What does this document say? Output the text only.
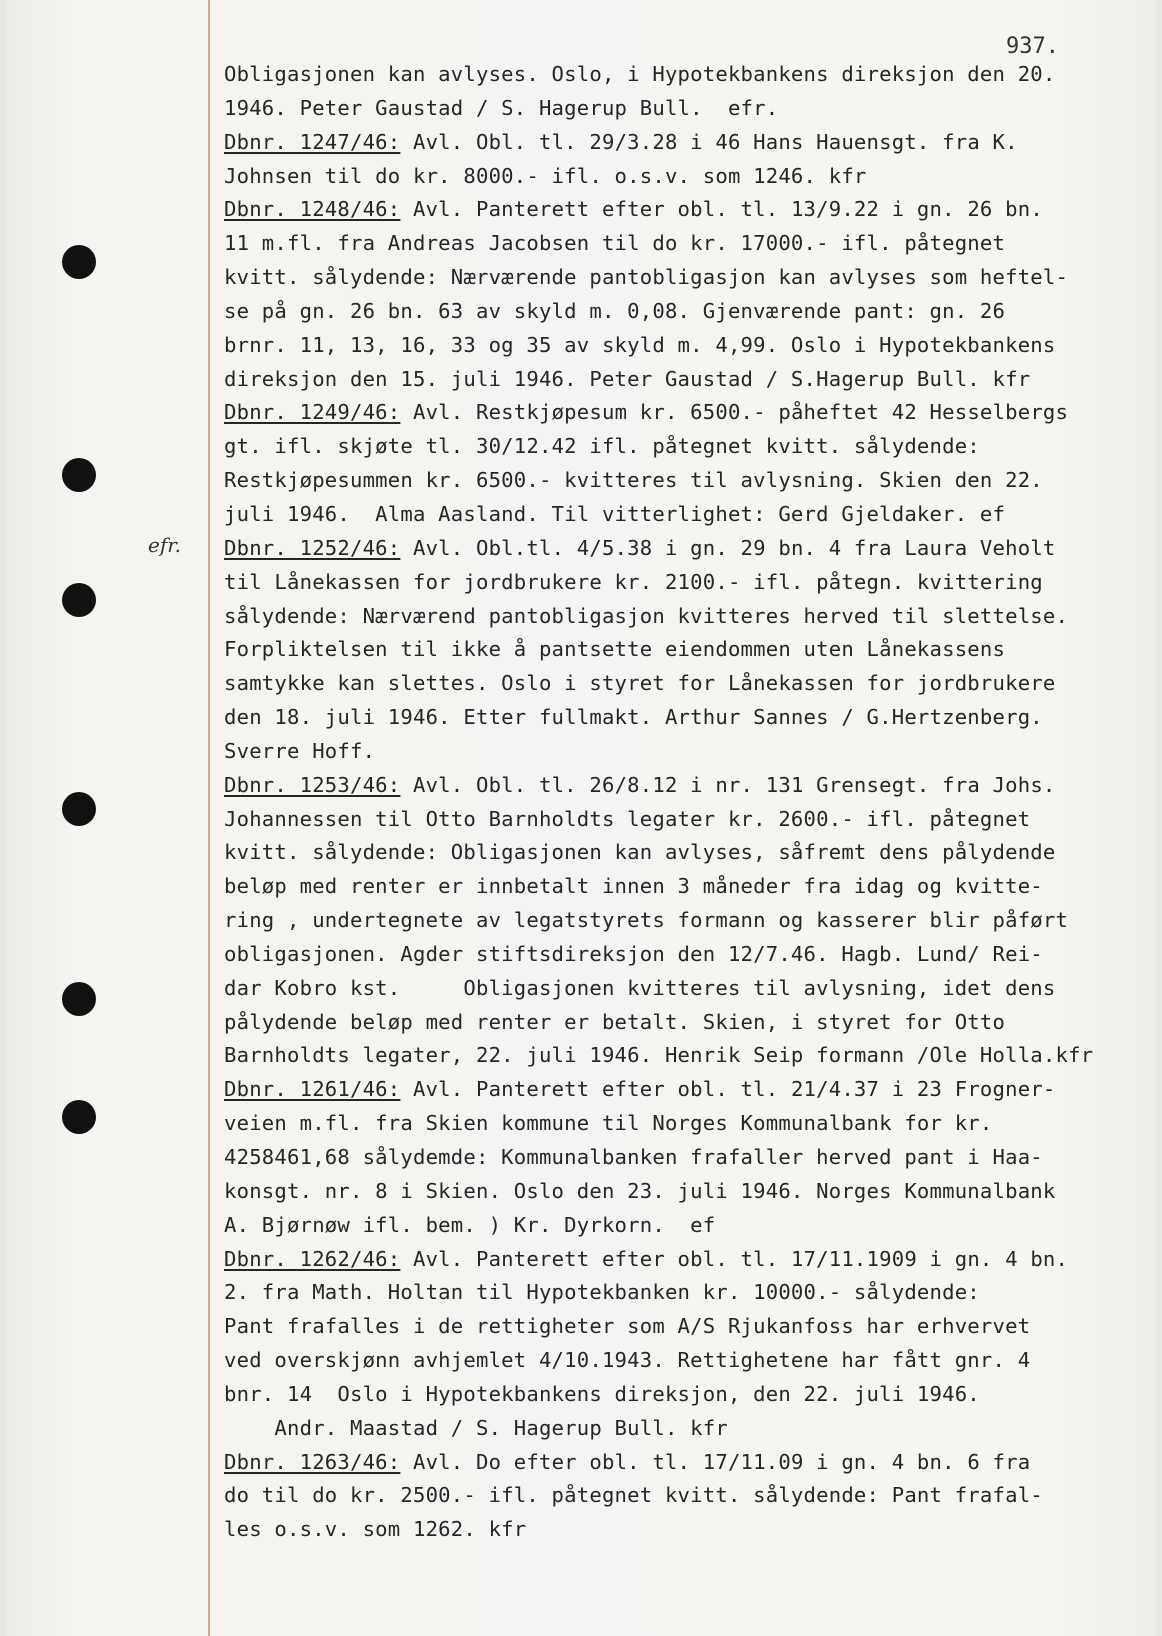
937.
efr.
Obligasjonen kan avlyses. Oslo, i Hypotekbankens direksjon den 20.
1946. Peter Gaustad / S. Hagerup Bull.  efr.
Dbnr. 1247/46: Avl. Obl. tl. 29/3.28 i 46 Hans Hauensgt. fra K.
Johnsen til do kr. 8000.- ifl. o.s.v. som 1246. kfr
Dbnr. 1248/46: Avl. Panterett efter obl. tl. 13/9.22 i gn. 26 bn.
11 m.fl. fra Andreas Jacobsen til do kr. 17000.- ifl. påtegnet
kvitt. sålydende: Nærværende pantobligasjon kan avlyses som heftel-
se på gn. 26 bn. 63 av skyld m. 0,08. Gjenværende pant: gn. 26
brnr. 11, 13, 16, 33 og 35 av skyld m. 4,99. Oslo i Hypotekbankens
direksjon den 15. juli 1946. Peter Gaustad / S.Hagerup Bull. kfr
Dbnr. 1249/46: Avl. Restkjøpesum kr. 6500.- påheftet 42 Hesselbergs
gt. ifl. skjøte tl. 30/12.42 ifl. påtegnet kvitt. sålydende:
Restkjøpesummen kr. 6500.- kvitteres til avlysning. Skien den 22.
juli 1946.  Alma Aasland. Til vitterlighet: Gerd Gjeldaker. ef
Dbnr. 1252/46: Avl. Obl.tl. 4/5.38 i gn. 29 bn. 4 fra Laura Veholt
til Lånekassen for jordbrukere kr. 2100.- ifl. påtegn. kvittering
sålydende: Nærværend pantobligasjon kvitteres herved til slettelse.
Forpliktelsen til ikke å pantsette eiendommen uten Lånekassens
samtykke kan slettes. Oslo i styret for Lånekassen for jordbrukere
den 18. juli 1946. Etter fullmakt. Arthur Sannes / G.Hertzenberg.
Sverre Hoff.
Dbnr. 1253/46: Avl. Obl. tl. 26/8.12 i nr. 131 Grensegt. fra Johs.
Johannessen til Otto Barnholdts legater kr. 2600.- ifl. påtegnet
kvitt. sålydende: Obligasjonen kan avlyses, såfremt dens pålydende
beløp med renter er innbetalt innen 3 måneder fra idag og kvitte-
ring , undertegnete av legatstyrets formann og kasserer blir påført
obligasjonen. Agder stiftsdireksjon den 12/7.46. Hagb. Lund/ Rei-
dar Kobro kst.     Obligasjonen kvitteres til avlysning, idet dens
pålydende beløp med renter er betalt. Skien, i styret for Otto
Barnholdts legater, 22. juli 1946. Henrik Seip formann /Ole Holla.kfr
Dbnr. 1261/46: Avl. Panterett efter obl. tl. 21/4.37 i 23 Frogner-
veien m.fl. fra Skien kommune til Norges Kommunalbank for kr.
4258461,68 sålydemde: Kommunalbanken frafaller herved pant i Haa-
konsgt. nr. 8 i Skien. Oslo den 23. juli 1946. Norges Kommunalbank
A. Bjørnøw ifl. bem. ) Kr. Dyrkorn.  ef
Dbnr. 1262/46: Avl. Panterett efter obl. tl. 17/11.1909 i gn. 4 bn.
2. fra Math. Holtan til Hypotekbanken kr. 10000.- sålydende:
Pant frafalles i de rettigheter som A/S Rjukanfoss har erhvervet
ved overskjønn avhjemlet 4/10.1943. Rettighetene har fått gnr. 4
bnr. 14  Oslo i Hypotekbankens direksjon, den 22. juli 1946.
Andr. Maastad / S. Hagerup Bull. kfr
Dbnr. 1263/46: Avl. Do efter obl. tl. 17/11.09 i gn. 4 bn. 6 fra
do til do kr. 2500.- ifl. påtegnet kvitt. sålydende: Pant frafal-
les o.s.v. som 1262. kfr
